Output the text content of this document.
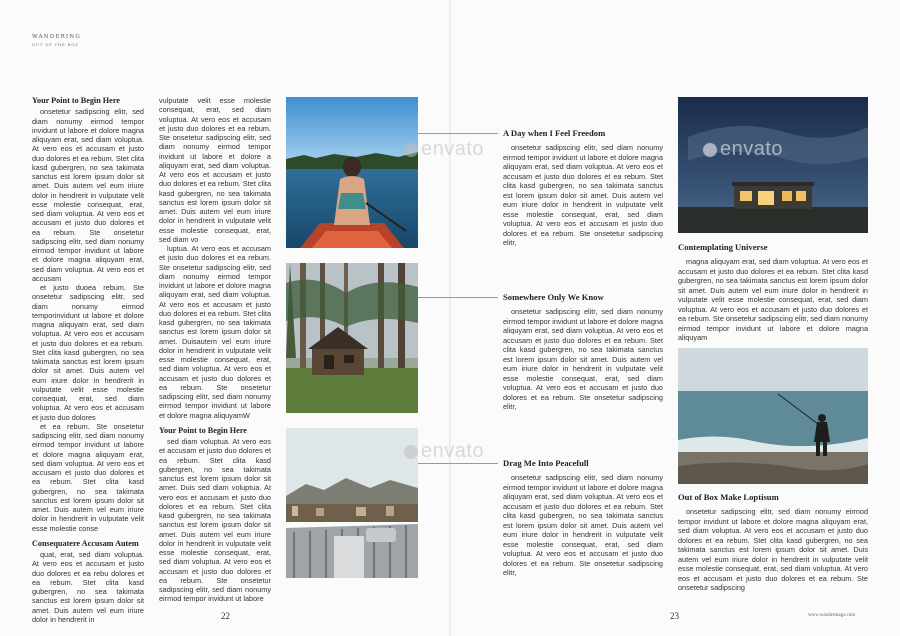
WANDERING
OUT OF THE BOX
Your Point to Begin Here

onsetetur sadipscing elitr, sed diam nonumy eirmod tempor invidunt ut labore et dolore magna aliquyam erat, sed diam voluptua. At vero eos et accusam et justo duo dolores et ea rebum. Stet clita kasd gubergren, no sea takimata sanctus est lorem ipsum dolor sit amet. Duis autem vel eum iriure dolor in hendrerit in vulputate velit esse molestie consequat, erat, sed diam voluptua. At vero eos et accusam et justo duo dolores et ea rebum. Ste onsetetur sadipscing elitr, sed diam nonumy eirmod tempor invidunt ut labore et dolore magna aliquyam erat, sed diam voluptua. At vero eos et accusam

et justo duoea rebum. Ste onsetetur sadipscing elitr, sed diam nonumy eirmod temporinvidunt ut labore et dolore magna aliquyam erat, sed diam voluptua. At vero eos et accusam et justo duo dolores et ea rebum. Stet clita kasd gubergren, no sea takimata sanctus est lorem ipsum dolor sit amet. Duis autem vel eum iriure dolor in hendrerit in vulputate velit esse molestie consequat, erat, sed diam voluptua. At vero eos et accusam et justo duo dolores

et ea rebum. Ste onsetetur sadipscing elitr, sed diam nonumy eirmod tempor invidunt ut labore et dolore magna aliquyam erat, sed diam voluptua. At vero eos et accusam et justo duo dolores et ea rebum. Stet clita kasd gubergren, no sea takimata sanctus est lorem ipsum dolor sit amet. Duis autem vel eum iriure dolor in hendrerit in vulputate velit esse molestie conse

Consequatere Accusam Autem

quat, erat, sed diam voluptua. At vero eos et accusam et justo duo dolores et ea rebu dolores et ea rebum. Stet clita kasd gubergren, no sea takimata sanctus est lorem ipsum dolor sit amet. Duis autem vel eum iriure dolor in hendrerit in

vulputate velit esse molestie consequat, erat, sed diam voluptua. At vero eos et accusam et justo duo dolores et ea rebum. Ste onsetetur sadipscing elitr, sed diam nonumy eirmod tempor invidunt ut labore et dolore a aliquyam erat, sed diam voluptua. At vero eos et accusam et justo duo dolores et ea rebum. Stet clita kasd gubergren, no sea takimata sanctus est lorem ipsum dolor sit amet. Duis autem vel eum iriure dolor in hendrerit in vulputate velit esse molestie consequat, erat, sed diam vo

luptua. At vero eos et accusam et justo duo dolores et ea rebum. Ste onsetetur sadipscing elitr, sed diam nonumy eirmod tempor invidunt ut labore et dolore magna aliquyam erat, sed diam voluptua. At vero eos et accusam et justo duo dolores et ea rebum. Stet clita kasd gubergren, no sea takimata sanctus est lorem ipsum dolor sit amet. Duisautem vel eum iriure dolor in hendrerit in vulputate velit esse molestie consequat, erat, sed diam voluptua. At vero eos et accusam et justo duo dolores et ea rebum. Ste onsetetur sadipscing elitr, sed diam nonumy eirmod tempor invidunt ut labore et dolore magna aliquyamW

Your Point to Begin Here

sed diam voluptua. At vero eos et accusam et justo duo dolores et ea rebum. Stet clita kasd gubergren, no sea takimata sanctus est lorem ipsum dolor sit amet. Duis sed diam voluptua. At vero eos et accusam et justo duo dolores et ea rebum. Stet clita kasd gubergren, no sea takimata sanctus est lorem ipsum dolor sit amet. Duis autem vel eum iriure dolor in hendrerit in vulputate velit esse molestie consequat, erat, sed diam voluptua. At vero eos et accusam et justo duo dolores et ea rebum. Ste onsetetur sadipscing elitr, sed diam nonumy eirmod tempor invidunt ut labore

envato
envato
A Day when I Feel Freedom

onsetetur sadipscing elitr, sed diam nonumy eirmod tempor invidunt ut labore et dolore magna aliquyam erat, sed diam voluptua. At vero eos et accusam et justo duo dolores et ea rebum. Stet clita kasd gubergren, no sea takimata sanctus est lorem ipsum dolor sit amet. Duis autem vel eum iriure dolor in hendrerit in vulputate velit esse molestie consequat, erat, sed diam voluptua. At vero eos et accusam et justo duo dolores et ea rebum. Ste onsetetur sadipscing elitr,

Somewhere Only We Know

onsetetur sadipscing elitr, sed diam nonumy eirmod tempor invidunt ut labore et dolore magna aliquyam erat, sed diam voluptua. At vero eos et accusam et justo duo dolores et ea rebum. Stet clita kasd gubergren, no sea takimata sanctus est lorem ipsum dolor sit amet. Duis autem vel eum iriure dolor in hendrerit in vulputate velit esse molestie consequat, erat, sed diam voluptua. At vero eos et accusam et justo duo dolores et ea rebum. Ste onsetetur sadipscing elitr,

Drag Me Into Peacefull

onsetetur sadipscing elitr, sed diam nonumy eirmod tempor invidunt ut labore et dolore magna aliquyam erat, sed diam voluptua. At vero eos et accusam et justo duo dolores et ea rebum. Stet clita kasd gubergren, no sea takimata sanctus est lorem ipsum dolor sit amet. Duis autem vel eum iriure dolor in hendrerit in vulputate velit esse molestie consequat, erat, sed diam voluptua. At vero eos et accusam et justo duo dolores et ea rebum. Ste onsetetur sadipscing elitr,

envato
Contemplating Universe

magna aliquyam erat, sed diam voluptua. At vero eos et accusam et justo duo dolores et ea rebum. Stet clita kasd gubergren, no sea takimata sanctus est lorem ipsum dolor sit amet. Duis autem vel eum iriure dolor in hendrerit in vulputate velit esse molestie consequat, erat, sed diam voluptua. At vero eos et accusam et justo duo dolores et ea rebum. Ste onsetetur sadipscing elitr, sed diam nonumy eirmod tempor invidunt ut labore et dolore magna aliquyam

Out of Box Make Loptisum

onsetetur sadipscing elitr, sed diam nonumy eirmod tempor invidunt ut labore et dolore magna aliquyam erat, sed diam voluptua. At vero eos et accusam et justo duo dolores et ea rebum. Stet clita kasd gubergren, no sea takimata sanctus est lorem ipsum dolor sit amet. Duis autem vel eum iriure dolor in hendrerit in vulputate velit esse molestie consequat, erat, sed diam voluptua. At vero eos et accusam et justo duo dolores et ea rebum. Ste onsetetur sadipscing

22	23	www.wandermagz.com
